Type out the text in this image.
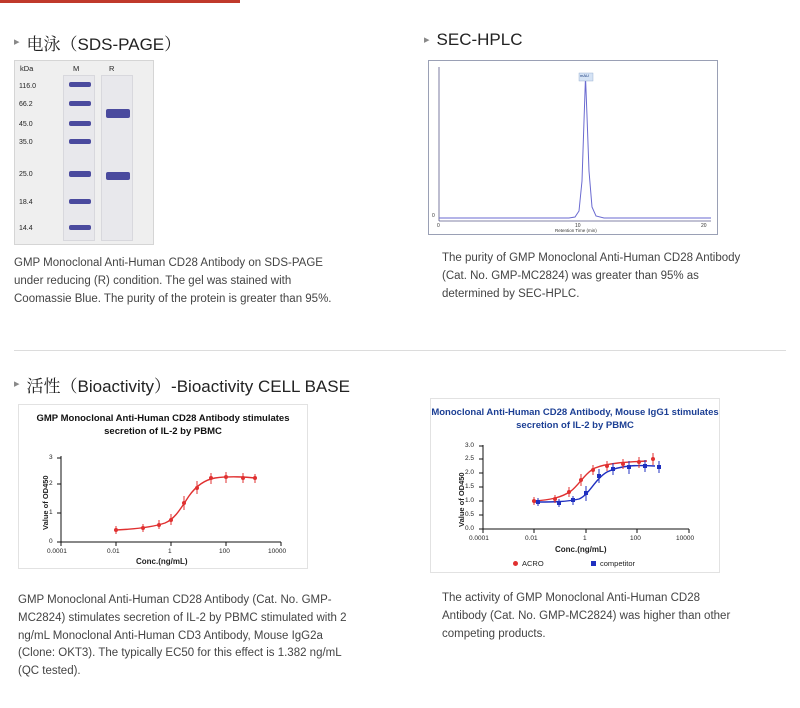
▸ 电泳（SDS-PAGE）
kDa	M	R
116.0
66.2
45.0
35.0
25.0
18.4
14.4
GMP Monoclonal Anti-Human CD28 Antibody on SDS-PAGE under reducing (R) condition. The gel was stained with Coomassie Blue. The purity of the protein is greater than 95%.
▸ SEC-HPLC
0
0	10	20
Retention Time (min)
mAU
The purity of GMP Monoclonal Anti-Human CD28 Antibody (Cat. No. GMP-MC2824) was greater than 95% as determined by SEC-HPLC.
▸ 活性（Bioactivity）-Bioactivity CELL BASE
GMP Monoclonal Anti-Human CD28 Antibody stimulates secretion of IL-2 by PBMC
Value of OD450
0
1
2
3
0.0001	0.01	1	100	10000
Conc.(ng/mL)
GMP Monoclonal Anti-Human CD28 Antibody (Cat. No. GMP-MC2824) stimulates secretion of IL-2 by PBMC stimulated with 2 ng/mL Monoclonal Anti-Human CD3 Antibody, Mouse IgG2a (Clone: OKT3). The typically EC50 for this effect is 1.382 ng/mL (QC tested).
Monoclonal Anti-Human CD28 Antibody, Mouse IgG1 stimulates secretion of IL-2 by PBMC
Value of OD450
0.0
0.5
1.0
1.5
2.0
2.5
3.0
0.0001	0.01	1	100	10000
Conc.(ng/mL)
ACRO	competitor
The activity of GMP Monoclonal Anti-Human CD28 Antibody (Cat. No. GMP-MC2824) was higher than other competing products.
